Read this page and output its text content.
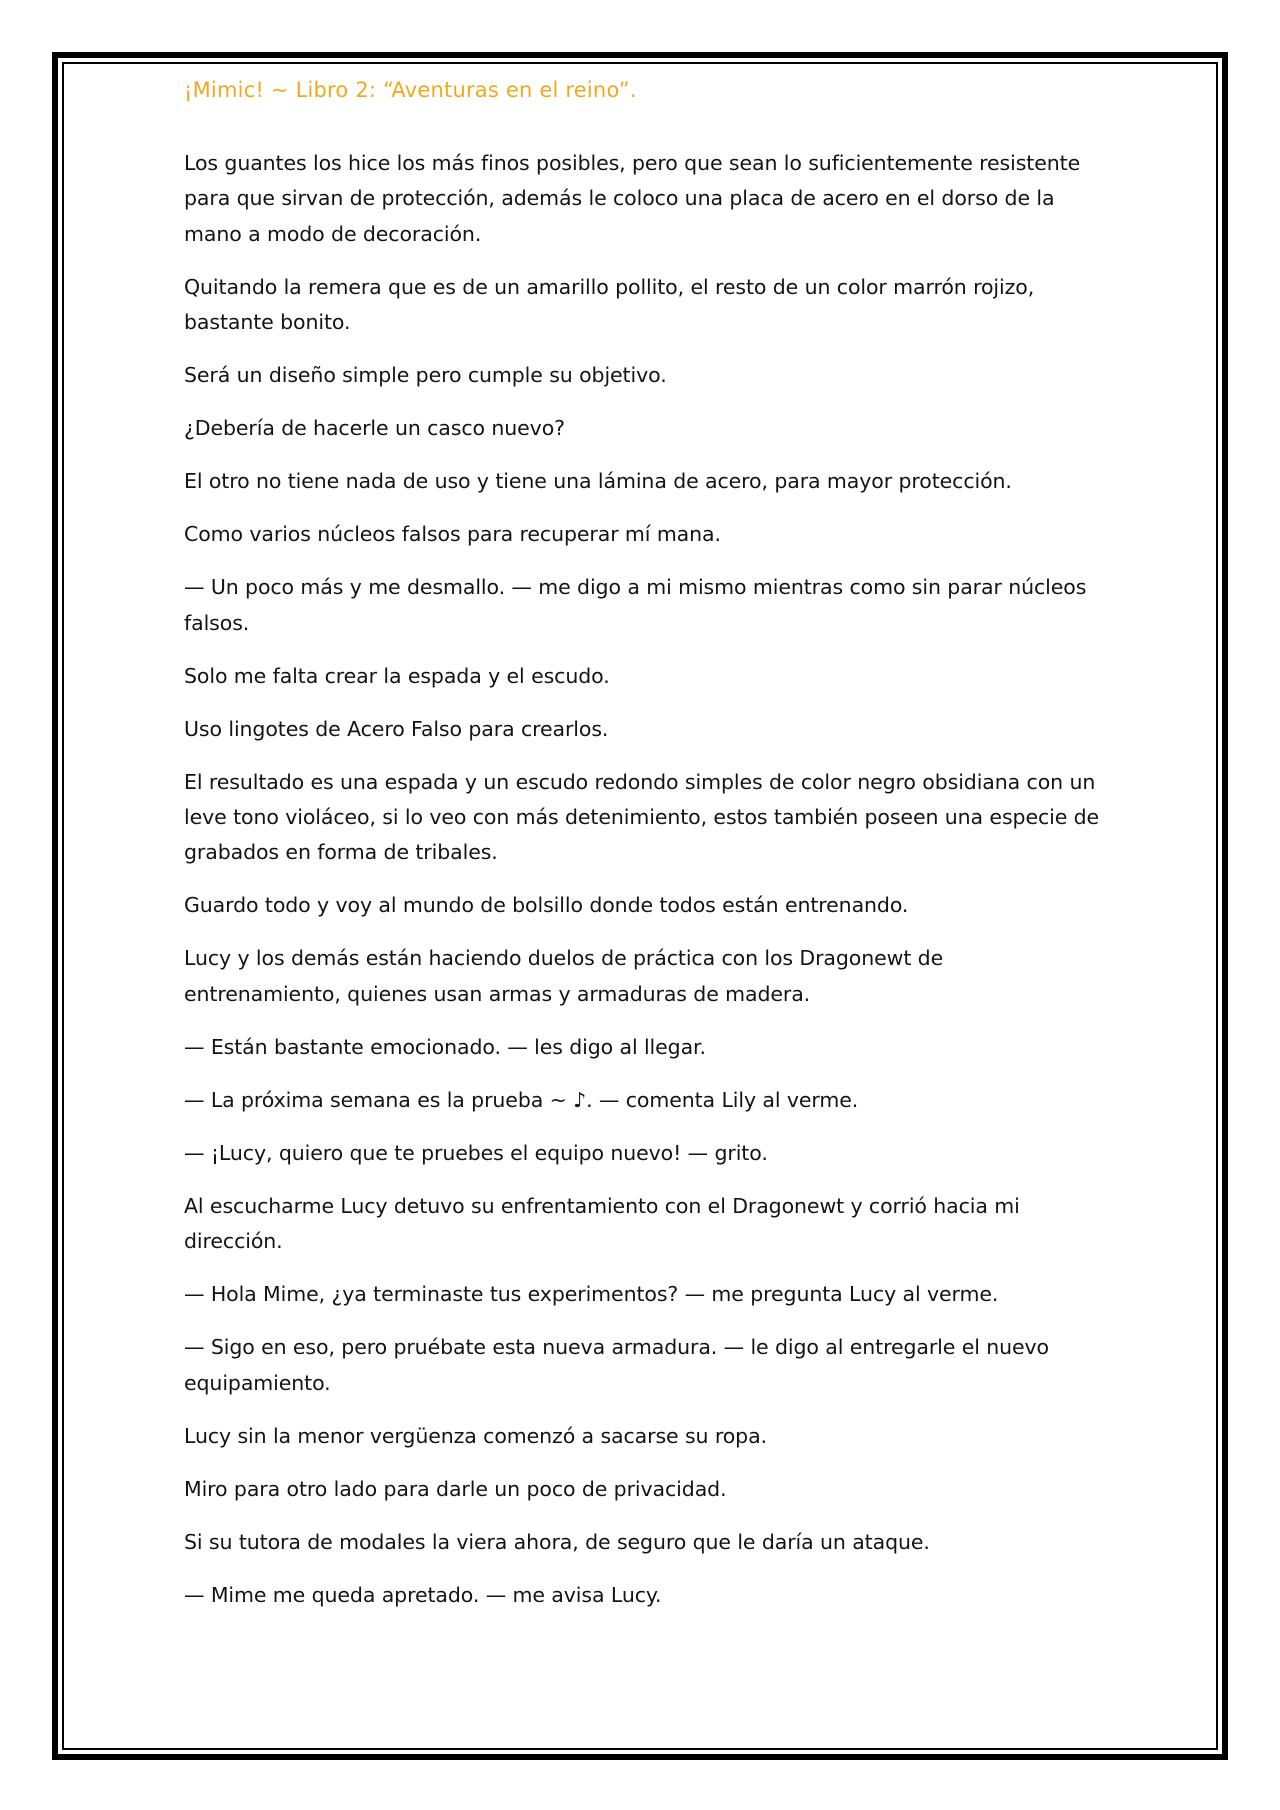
¡Mimic! ~ Libro 2: “Aventuras en el reino”.

Los guantes los hice los más finos posibles, pero que sean lo suficientemente resistente para que sirvan de protección, además le coloco una placa de acero en el dorso de la mano a modo de decoración.

Quitando la remera que es de un amarillo pollito, el resto de un color marrón rojizo, bastante bonito.

Será un diseño simple pero cumple su objetivo.

¿Debería de hacerle un casco nuevo?

El otro no tiene nada de uso y tiene una lámina de acero, para mayor protección.

Como varios núcleos falsos para recuperar mí mana.

— Un poco más y me desmallo. — me digo a mi mismo mientras como sin parar núcleos falsos.

Solo me falta crear la espada y el escudo.

Uso lingotes de Acero Falso para crearlos.

El resultado es una espada y un escudo redondo simples de color negro obsidiana con un leve tono violáceo, si lo veo con más detenimiento, estos también poseen una especie de grabados en forma de tribales.

Guardo todo y voy al mundo de bolsillo donde todos están entrenando.

Lucy y los demás están haciendo duelos de práctica con los Dragonewt de entrenamiento, quienes usan armas y armaduras de madera.

— Están bastante emocionado. — les digo al llegar.

— La próxima semana es la prueba ~ ♪. — comenta Lily al verme.

— ¡Lucy, quiero que te pruebes el equipo nuevo! — grito.

Al escucharme Lucy detuvo su enfrentamiento con el Dragonewt y corrió hacia mi dirección.

— Hola Mime, ¿ya terminaste tus experimentos? — me pregunta Lucy al verme.

— Sigo en eso, pero pruébate esta nueva armadura. — le digo al entregarle el nuevo equipamiento.

Lucy sin la menor vergüenza comenzó a sacarse su ropa.

Miro para otro lado para darle un poco de privacidad.

Si su tutora de modales la viera ahora, de seguro que le daría un ataque.

— Mime me queda apretado. — me avisa Lucy.
